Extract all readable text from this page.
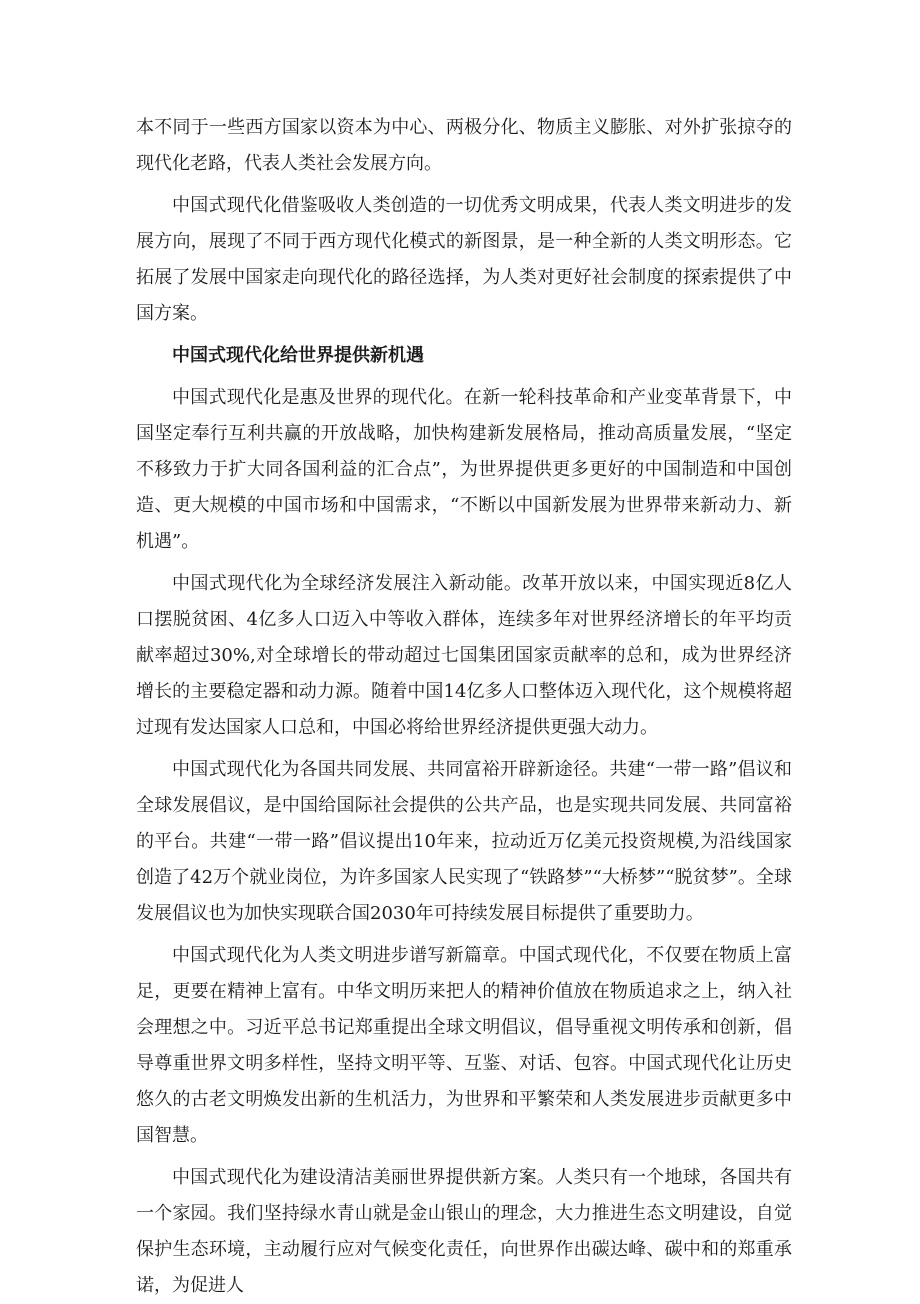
本不同于一些西方国家以资本为中心、两极分化、物质主义膨胀、对外扩张掠夺的现代化老路，代表人类社会发展方向。

中国式现代化借鉴吸收人类创造的一切优秀文明成果，代表人类文明进步的发展方向，展现了不同于西方现代化模式的新图景，是一种全新的人类文明形态。它拓展了发展中国家走向现代化的路径选择，为人类对更好社会制度的探索提供了中国方案。

中国式现代化给世界提供新机遇

中国式现代化是惠及世界的现代化。在新一轮科技革命和产业变革背景下，中国坚定奉行互利共赢的开放战略，加快构建新发展格局，推动高质量发展，“坚定不移致力于扩大同各国利益的汇合点”，为世界提供更多更好的中国制造和中国创造、更大规模的中国市场和中国需求，“不断以中国新发展为世界带来新动力、新机遇”。

中国式现代化为全球经济发展注入新动能。改革开放以来，中国实现近8亿人口摆脱贫困、4亿多人口迈入中等收入群体，连续多年对世界经济增长的年平均贡献率超过30%,对全球增长的带动超过七国集团国家贡献率的总和，成为世界经济增长的主要稳定器和动力源。随着中国14亿多人口整体迈入现代化，这个规模将超过现有发达国家人口总和，中国必将给世界经济提供更强大动力。

中国式现代化为各国共同发展、共同富裕开辟新途径。共建“一带一路”倡议和全球发展倡议，是中国给国际社会提供的公共产品，也是实现共同发展、共同富裕的平台。共建“一带一路”倡议提出10年来，拉动近万亿美元投资规模,为沿线国家创造了42万个就业岗位，为许多国家人民实现了“铁路梦”“大桥梦”“脱贫梦”。全球发展倡议也为加快实现联合国2030年可持续发展目标提供了重要助力。

中国式现代化为人类文明进步谱写新篇章。中国式现代化，不仅要在物质上富足，更要在精神上富有。中华文明历来把人的精神价值放在物质追求之上，纳入社会理想之中。习近平总书记郑重提出全球文明倡议，倡导重视文明传承和创新，倡导尊重世界文明多样性，坚持文明平等、互鉴、对话、包容。中国式现代化让历史悠久的古老文明焕发出新的生机活力，为世界和平繁荣和人类发展进步贡献更多中国智慧。

中国式现代化为建设清洁美丽世界提供新方案。人类只有一个地球，各国共有一个家园。我们坚持绿水青山就是金山银山的理念，大力推进生态文明建设，自觉保护生态环境，主动履行应对气候变化责任，向世界作出碳达峰、碳中和的郑重承诺，为促进人
